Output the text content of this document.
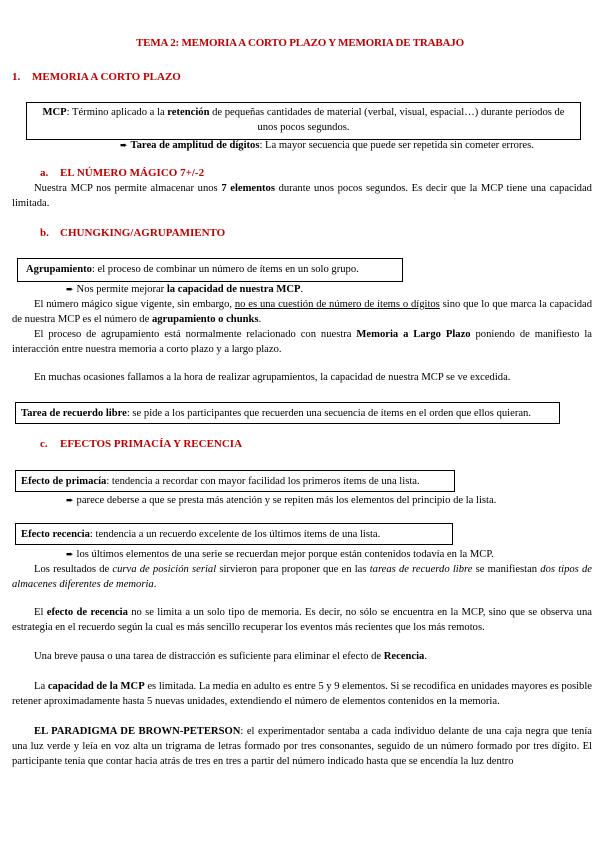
TEMA 2: MEMORIA A CORTO PLAZO Y MEMORIA DE TRABAJO
1. MEMORIA A CORTO PLAZO
MCP: Término aplicado a la retención de pequeñas cantidades de material (verbal, visual, espacial…) durante períodos de unos pocos segundos.
➨ Tarea de amplitud de dígitos: La mayor secuencia que puede ser repetida sin cometer errores.
a. EL NÚMERO MÁGICO 7+/-2
Nuestra MCP nos permite almacenar unos 7 elementos durante unos pocos segundos. Es decir que la MCP tiene una capacidad limitada.
b. CHUNGKING/AGRUPAMIENTO
Agrupamiento: el proceso de combinar un número de ítems en un solo grupo.
➨ Nos permite mejorar la capacidad de nuestra MCP.
El número mágico sigue vigente, sin embargo, no es una cuestión de número de ítems o dígitos sino que lo que marca la capacidad de nuestra MCP es el número de agrupamiento o chunks.
El proceso de agrupamiento está normalmente relacionado con nuestra Memoria a Largo Plazo poniendo de manifiesto la interacción entre nuestra memoria a corto plazo y a largo plazo.
En muchas ocasiones fallamos a la hora de realizar agrupamientos, la capacidad de nuestra MCP se ve excedida.
Tarea de recuerdo libre: se pide a los participantes que recuerden una secuencia de ítems en el orden que ellos quieran.
c. EFECTOS PRIMACÍA Y RECENCIA
Efecto de primacía: tendencia a recordar con mayor facilidad los primeros ítems de una lista.
➨ parece deberse a que se presta más atención y se repiten más los elementos del principio de la lista.
Efecto recencia: tendencia a un recuerdo excelente de los últimos ítems de una lista.
➨ los últimos elementos de una serie se recuerdan mejor porque están contenidos todavía en la MCP.
Los resultados de curva de posición serial sirvieron para proponer que en las tareas de recuerdo libre se manifiestan dos tipos de almacenes diferentes de memoria.
El efecto de recencia no se limita a un solo tipo de memoria. Es decir, no sólo se encuentra en la MCP, sino que se observa una estrategia en el recuerdo según la cual es más sencillo recuperar los eventos más recientes que los más remotos.
Una breve pausa o una tarea de distracción es suficiente para eliminar el efecto de Recencia.
La capacidad de la MCP es limitada. La media en adulto es entre 5 y 9 elementos. Si se recodifica en unidades mayores es posible retener aproximadamente hasta 5 nuevas unidades, extendiendo el número de elementos contenidos en la memoria.
EL PARADIGMA DE BROWN-PETERSON: el experimentador sentaba a cada individuo delante de una caja negra que tenía una luz verde y leía en voz alta un trigrama de letras formado por tres consonantes, seguido de un número formado por tres dígito. El participante tenía que contar hacia atrás de tres en tres a partir del número indicado hasta que se encendía la luz dentro
